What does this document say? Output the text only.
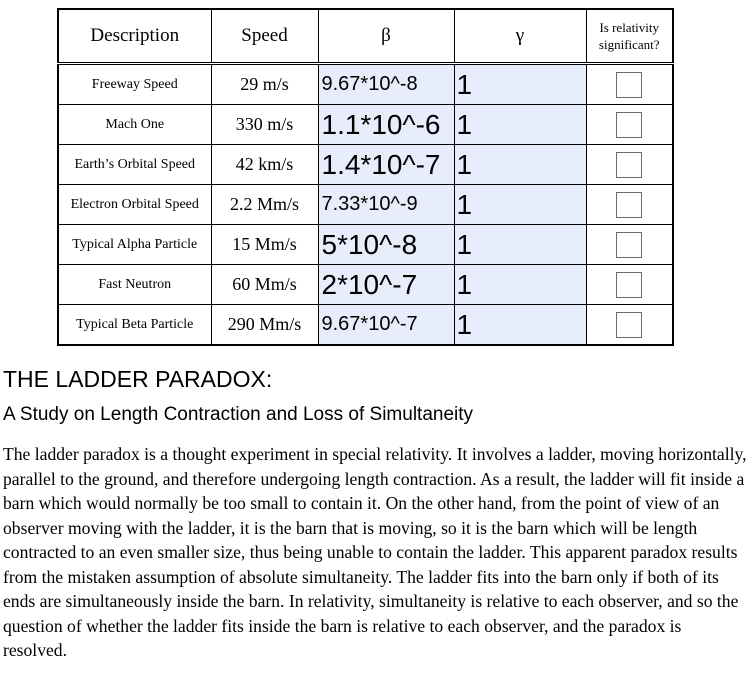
Description	Speed	β	γ	Is relativity significant?
Freeway Speed	29 m/s	9.67*10^-8	1	
Mach One	330 m/s	1.1*10^-6	1	
Earth’s Orbital Speed	42 km/s	1.4*10^-7	1	
Electron Orbital Speed	2.2 Mm/s	7.33*10^-9	1	
Typical Alpha Particle	15 Mm/s	5*10^-8	1	
Fast Neutron	60 Mm/s	2*10^-7	1	
Typical Beta Particle	290 Mm/s	9.67*10^-7	1	
THE LADDER PARADOX:
A Study on Length Contraction and Loss of Simultaneity

The ladder paradox is a thought experiment in special relativity. It involves a ladder, moving horizontally, parallel to the ground, and therefore undergoing length contraction. As a result, the ladder will fit inside a barn which would normally be too small to contain it. On the other hand, from the point of view of an observer moving with the ladder, it is the barn that is moving, so it is the barn which will be length contracted to an even smaller size, thus being unable to contain the ladder. This apparent paradox results from the mistaken assumption of absolute simultaneity. The ladder fits into the barn only if both of its ends are simultaneously inside the barn. In relativity, simultaneity is relative to each observer, and so the question of whether the ladder fits inside the barn is relative to each observer, and the paradox is resolved.
